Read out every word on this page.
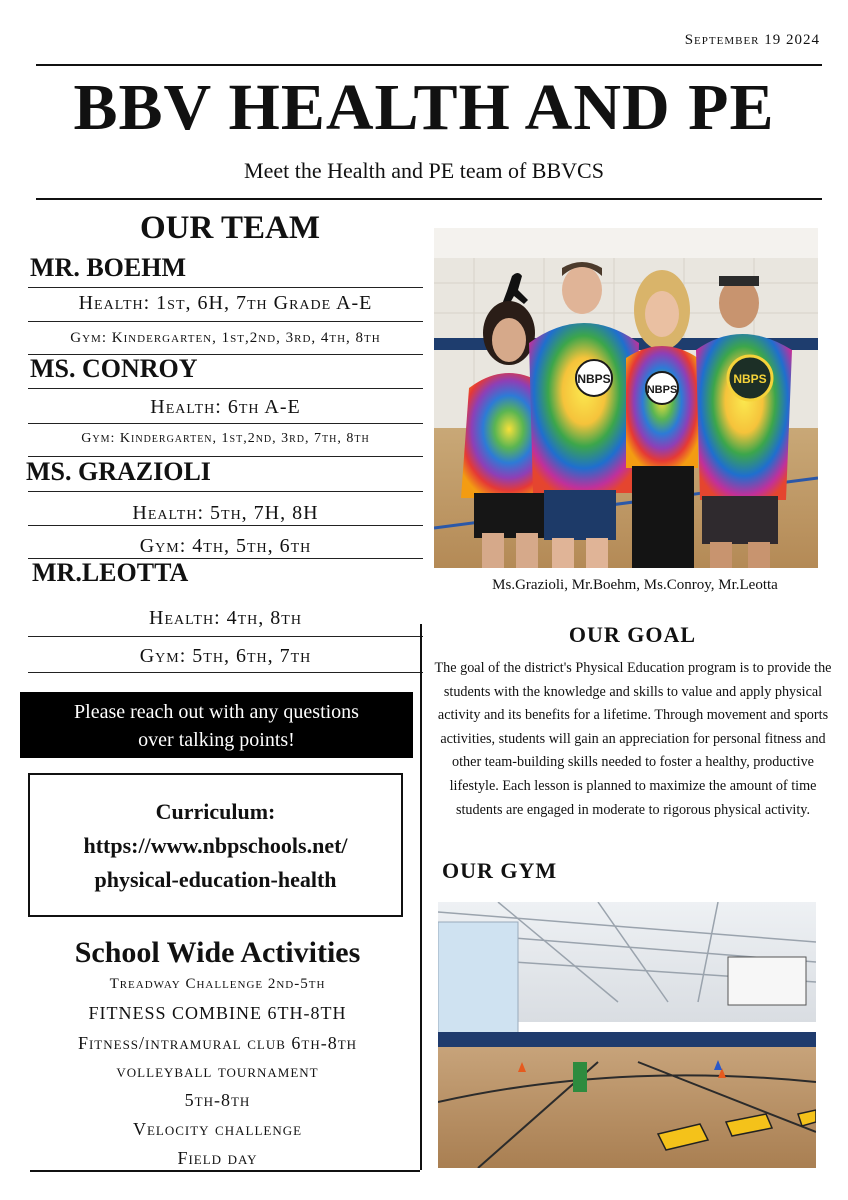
September 19 2024
BBV HEALTH AND PE
Meet the Health and PE team of BBVCS
OUR TEAM
MR. BOEHM
Health: 1st, 6H, 7th Grade A-E
Gym: Kindergarten, 1st,2nd, 3rd, 4th, 8th
MS. CONROY
Health: 6th A-E
Gym: Kindergarten, 1st,2nd, 3rd, 7th, 8th
MS. GRAZIOLI
Health: 5th, 7H, 8H
Gym: 4th, 5th, 6th
MR.LEOTTA
Health: 4th, 8th
Gym: 5th, 6th, 7th
Please reach out with any questions
over talking points!
Curriculum:
https://www.nbpschools.net/
physical-education-health
School Wide Activities
Treadway Challenge 2nd-5th
FITNESS COMBINE 6TH-8TH
Fitness/intramural club 6th-8th
volleyball tournament
5th-8th
Velocity challenge
Field day
NBPS
NBPS
NBPS
Ms.Grazioli, Mr.Boehm, Ms.Conroy, Mr.Leotta
OUR GOAL
The goal of the district's Physical Education program is to provide the students with the knowledge and skills to value and apply physical activity and its benefits for a lifetime. Through movement and sports activities, students will gain an appreciation for personal fitness and other team-building skills needed to foster a healthy, productive lifestyle. Each lesson is planned to maximize the amount of time students are engaged in moderate to rigorous physical activity.
OUR GYM
